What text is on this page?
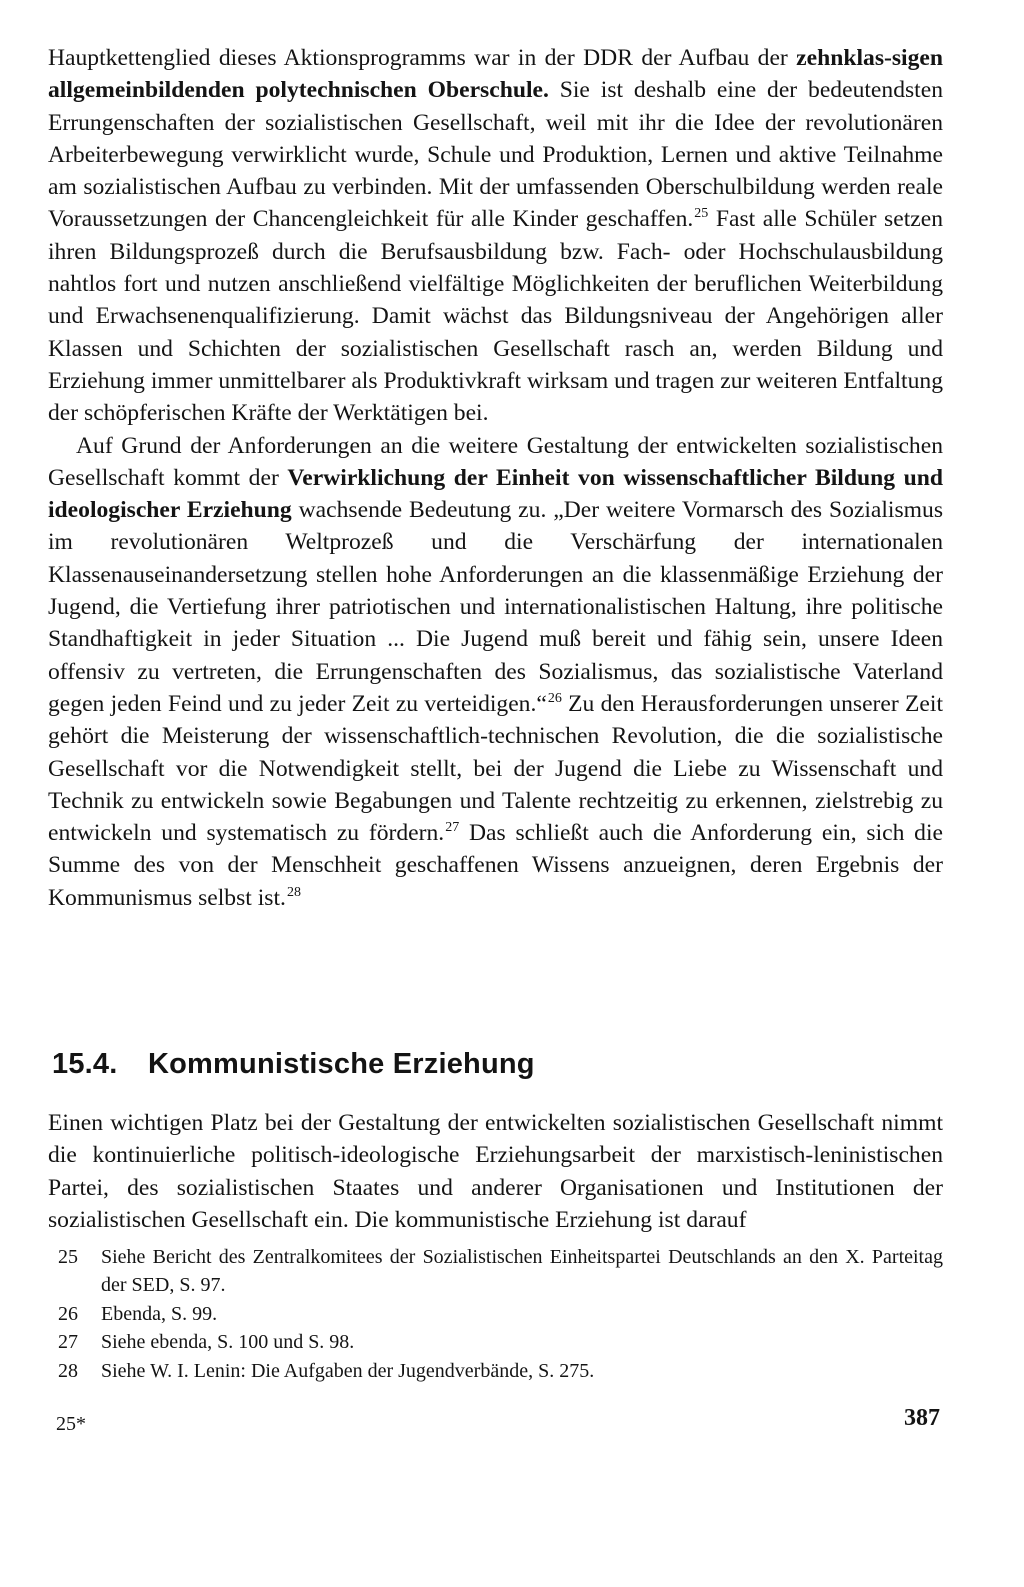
Hauptkettenglied dieses Aktionsprogramms war in der DDR der Aufbau der zehnklas-sigen allgemeinbildenden polytechnischen Oberschule. Sie ist deshalb eine der bedeutendsten Errungenschaften der sozialistischen Gesellschaft, weil mit ihr die Idee der revolutionären Arbeiterbewegung verwirklicht wurde, Schule und Produktion, Lernen und aktive Teilnahme am sozialistischen Aufbau zu verbinden. Mit der umfassenden Oberschulbildung werden reale Voraussetzungen der Chancengleichkeit für alle Kinder geschaffen.$^{25}$ Fast alle Schüler setzen ihren Bildungsprozeß durch die Berufsausbildung bzw. Fach- oder Hochschulausbildung nahtlos fort und nutzen anschließend vielfältige Möglichkeiten der beruflichen Weiterbildung und Erwachsenenqualifizierung. Damit wächst das Bildungsniveau der Angehörigen aller Klassen und Schichten der sozialistischen Gesellschaft rasch an, werden Bildung und Erziehung immer unmittelbarer als Produktivkraft wirksam und tragen zur weiteren Entfaltung der schöpferischen Kräfte der Werktätigen bei.

Auf Grund der Anforderungen an die weitere Gestaltung der entwickelten sozialistischen Gesellschaft kommt der Verwirklichung der Einheit von wissenschaftlicher Bildung und ideologischer Erziehung wachsende Bedeutung zu. „Der weitere Vormarsch des Sozialismus im revolutionären Weltprozeß und die Verschärfung der internationalen Klassenauseinandersetzung stellen hohe Anforderungen an die klassenmäßige Erziehung der Jugend, die Vertiefung ihrer patriotischen und internationalistischen Haltung, ihre politische Standhaftigkeit in jeder Situation ... Die Jugend muß bereit und fähig sein, unsere Ideen offensiv zu vertreten, die Errungenschaften des Sozialismus, das sozialistische Vaterland gegen jeden Feind und zu jeder Zeit zu verteidigen.“$^{26}$ Zu den Herausforderungen unserer Zeit gehört die Meisterung der wissenschaftlich-technischen Revolution, die die sozialistische Gesellschaft vor die Notwendigkeit stellt, bei der Jugend die Liebe zu Wissenschaft und Technik zu entwickeln sowie Begabungen und Talente rechtzeitig zu erkennen, zielstrebig zu entwickeln und systematisch zu fördern.$^{27}$ Das schließt auch die Anforderung ein, sich die Summe des von der Menschheit geschaffenen Wissens anzueignen, deren Ergebnis der Kommunismus selbst ist.$^{28}$

15.4. Kommunistische Erziehung

Einen wichtigen Platz bei der Gestaltung der entwickelten sozialistischen Gesellschaft nimmt die kontinuierliche politisch-ideologische Erziehungsarbeit der marxistisch-leninistischen Partei, des sozialistischen Staates und anderer Organisationen und Institutionen der sozialistischen Gesellschaft ein. Die kommunistische Erziehung ist darauf

25	Siehe Bericht des Zentralkomitees der Sozialistischen Einheitspartei Deutschlands an den X. Parteitag der SED, S. 97.
26	Ebenda, S. 99.
27	Siehe ebenda, S. 100 und S. 98.
28	Siehe W. I. Lenin: Die Aufgaben der Jugendverbände, S. 275.
25*	387
